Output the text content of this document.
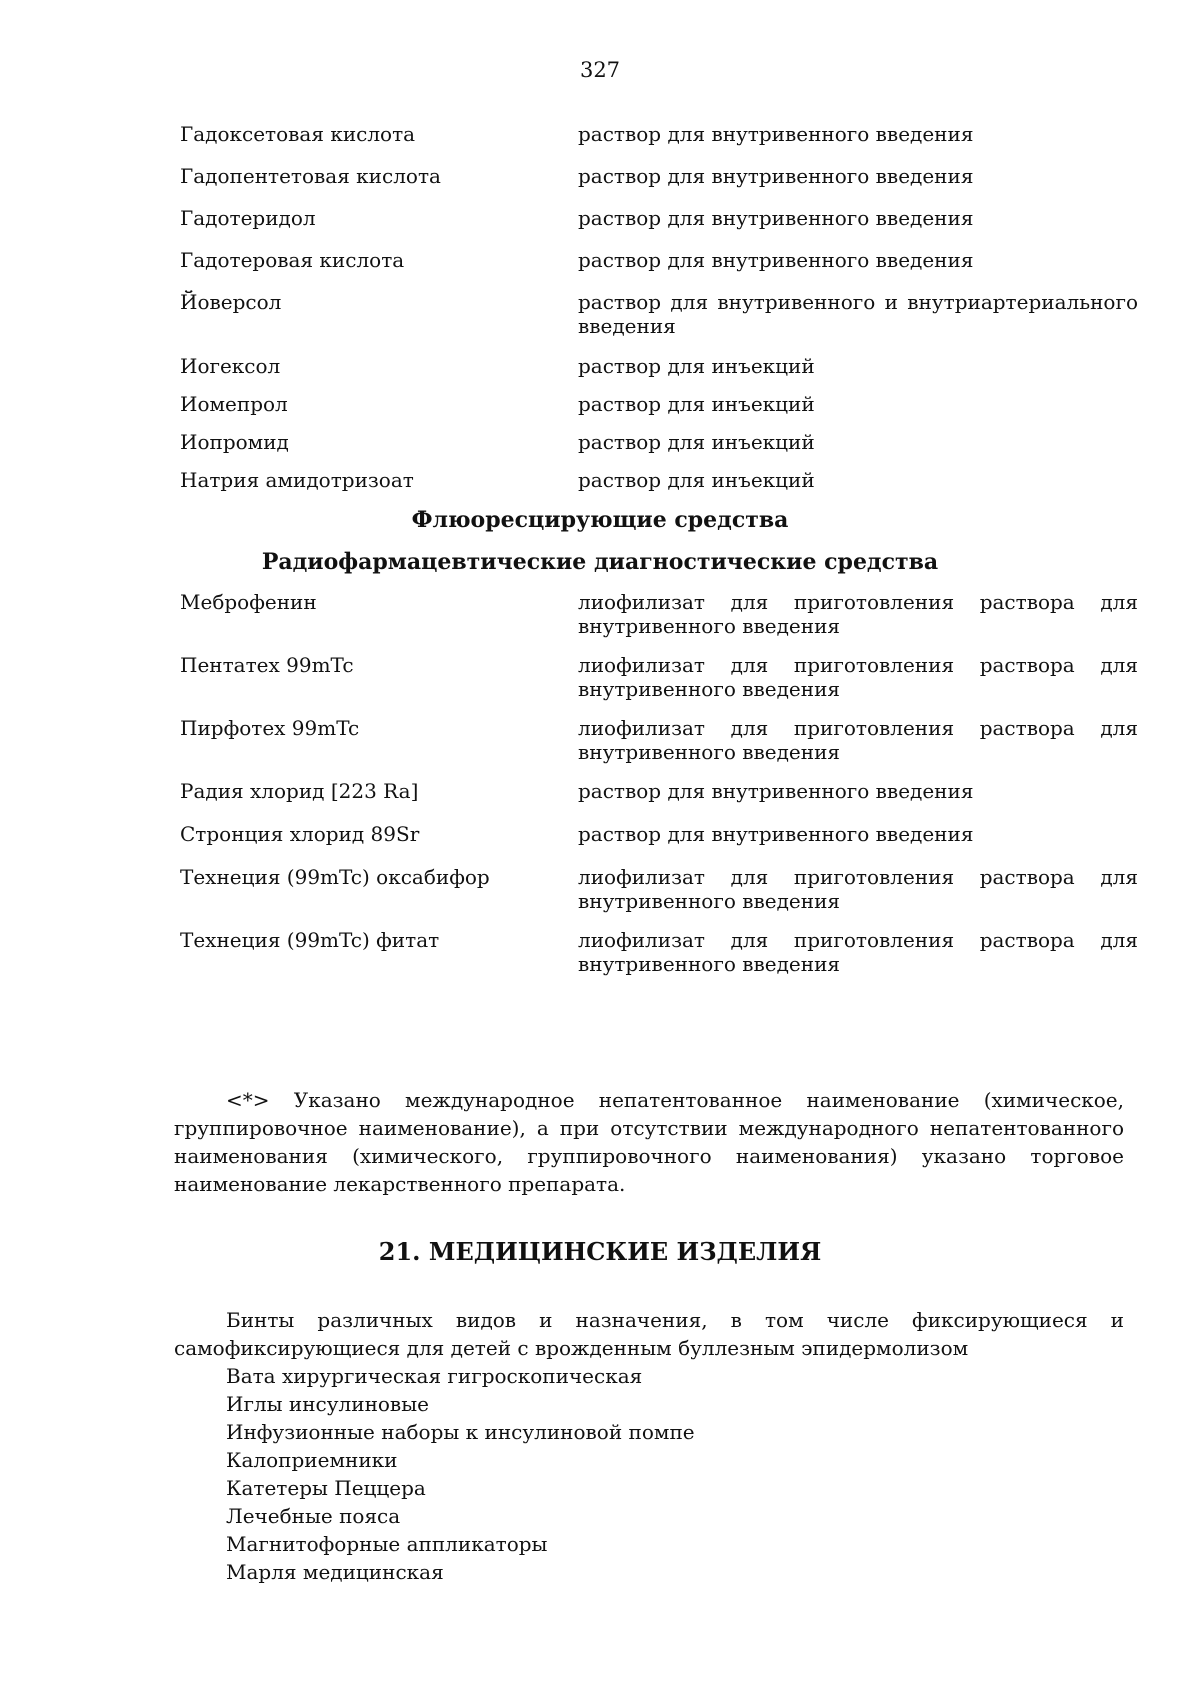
327
Гадоксетовая кислота	раствор для внутривенного введения
Гадопентетовая кислота	раствор для внутривенного введения
Гадотеридол	раствор для внутривенного введения
Гадотеровая кислота	раствор для внутривенного введения
Йоверсол	раствор для внутривенного и внутриартериального
введения
Иогексол	раствор для инъекций
Иомепрол	раствор для инъекций
Иопромид	раствор для инъекций
Натрия амидотризоат	раствор для инъекций
Флюоресцирующие средства
Радиофармацевтические диагностические средства
Меброфенин	лиофилизат для приготовления раствора для
внутривенного введения
Пентатех 99mTc	лиофилизат для приготовления раствора для
внутривенного введения
Пирфотех 99mTc	лиофилизат для приготовления раствора для
внутривенного введения
Радия хлорид [223 Ra]	раствор для внутривенного введения
Стронция хлорид 89Sr	раствор для внутривенного введения
Технеция (99mTc) оксабифор	лиофилизат для приготовления раствора для
внутривенного введения
Технеция (99mTc) фитат	лиофилизат для приготовления раствора для
внутривенного введения
<*> Указано международное непатентованное наименование (химическое, группировочное наименование), а при отсутствии международного непатентованного наименования (химического, группировочного наименования) указано торговое наименование лекарственного препарата.
21. МЕДИЦИНСКИЕ ИЗДЕЛИЯ
Бинты различных видов и назначения, в том числе фиксирующиеся и самофиксирующиеся для детей с врожденным буллезным эпидермолизом
Вата хирургическая гигроскопическая
Иглы инсулиновые
Инфузионные наборы к инсулиновой помпе
Калоприемники
Катетеры Пеццера
Лечебные пояса
Магнитофорные аппликаторы
Марля медицинская
